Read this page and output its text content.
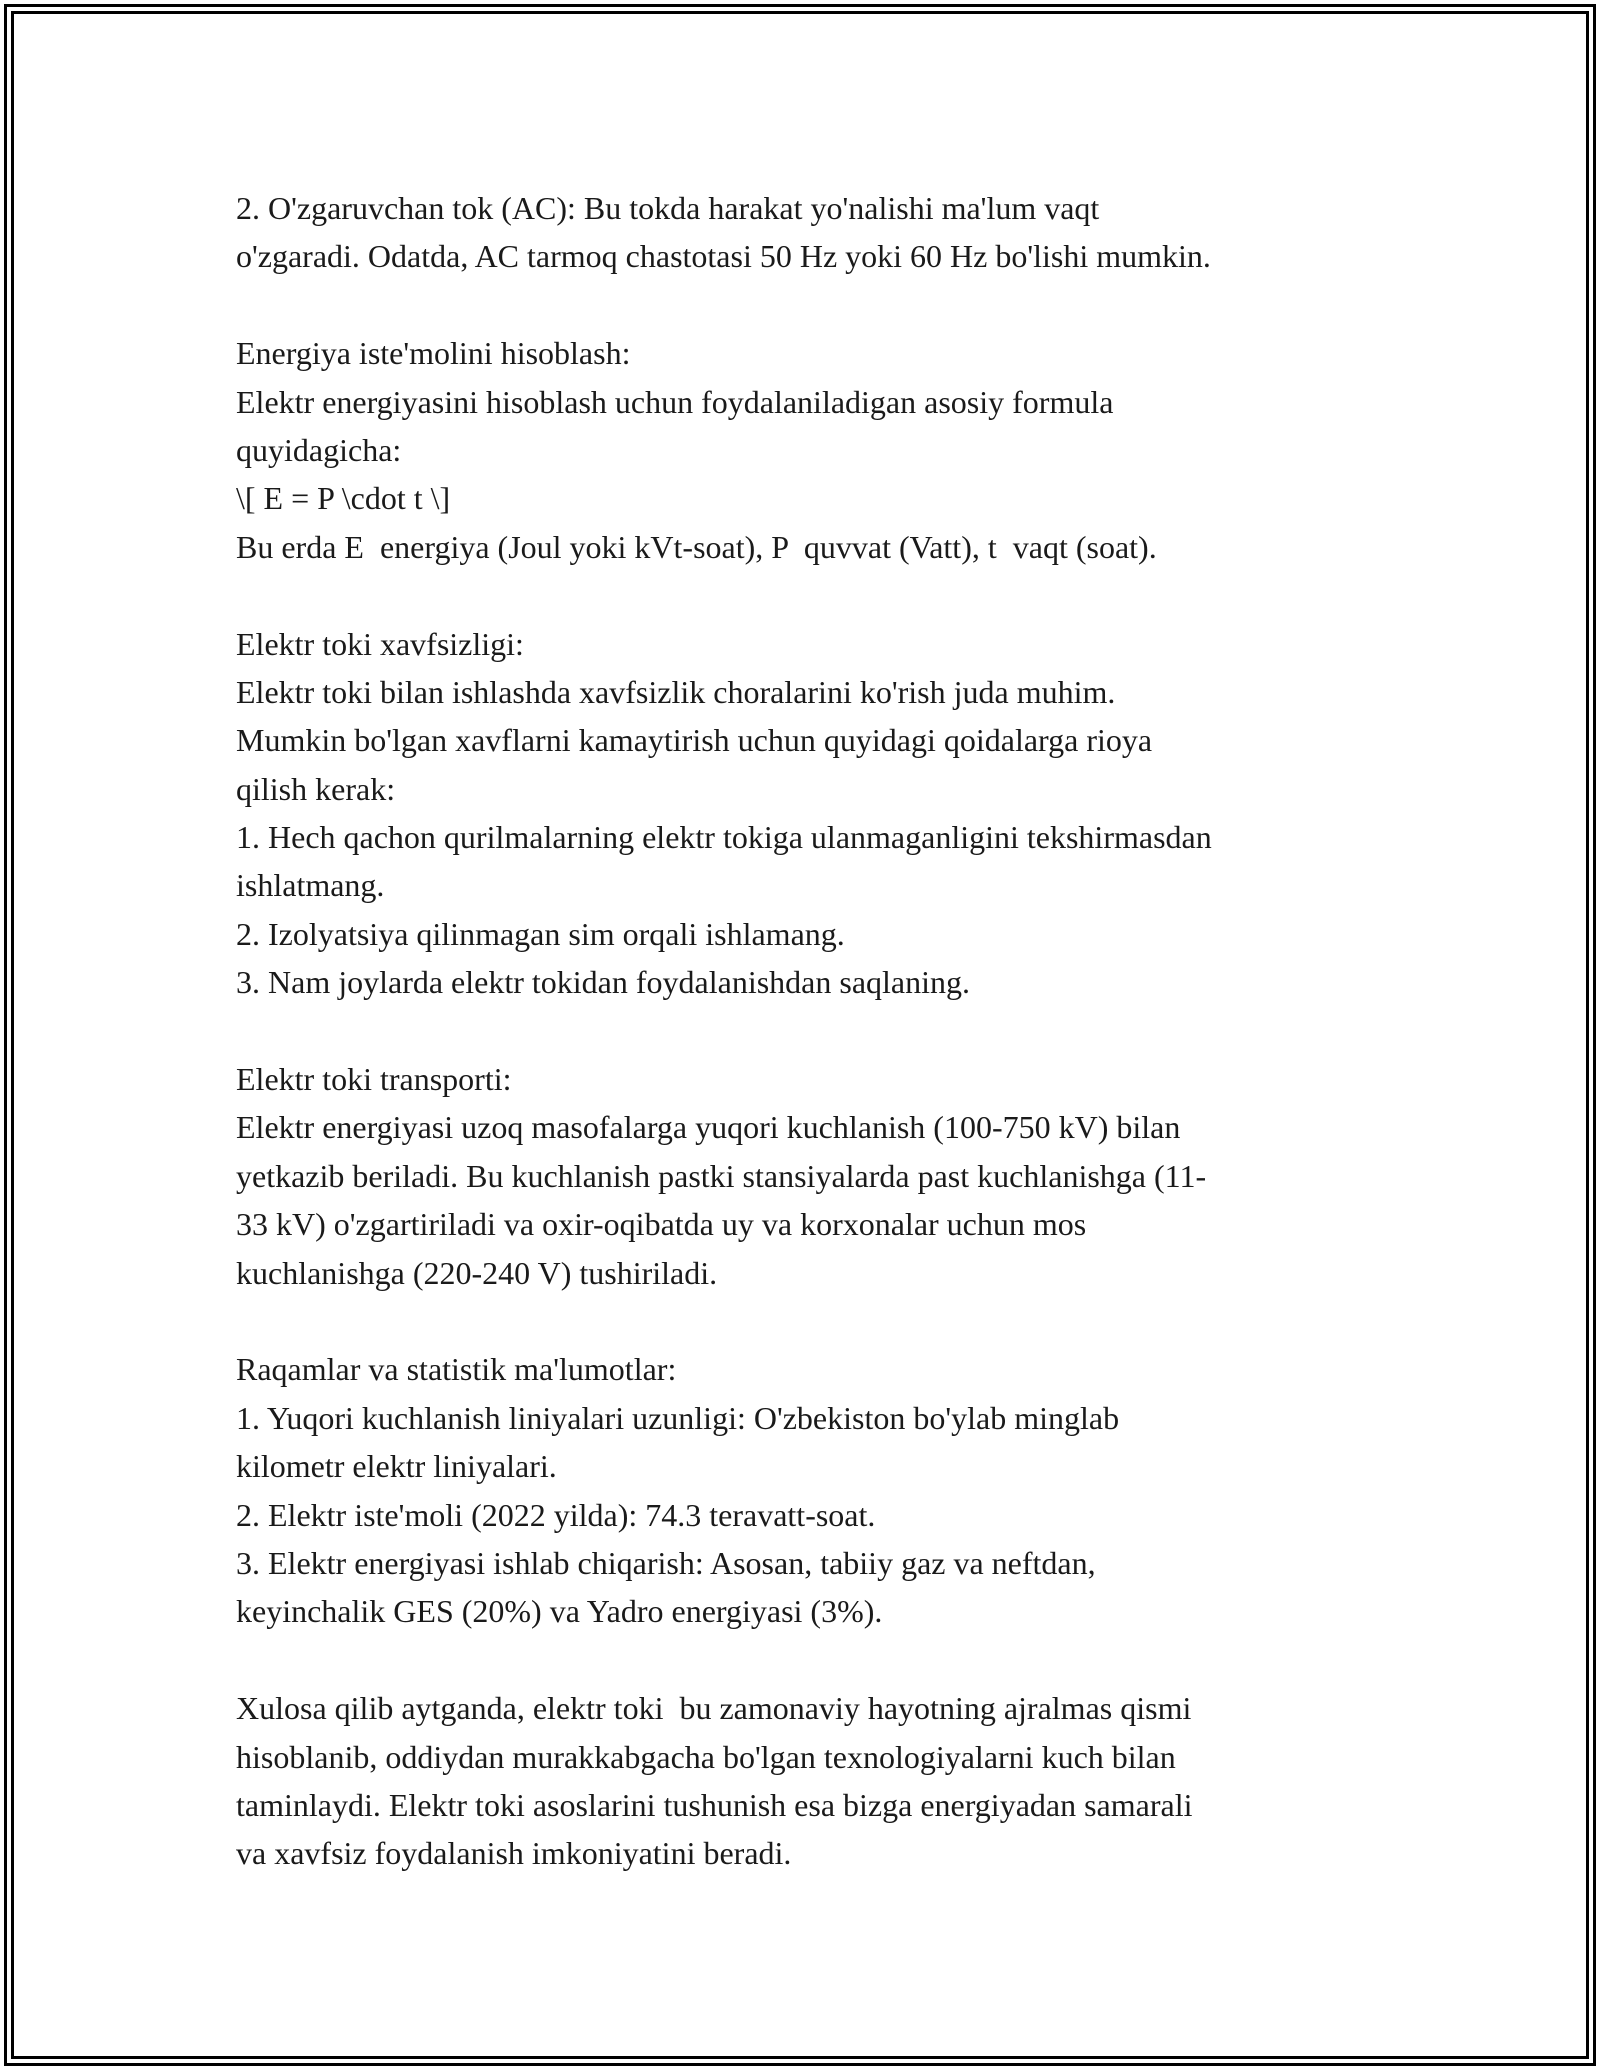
2. O'zgaruvchan tok (AC): Bu tokda harakat yo'nalishi ma'lum vaqt
o'zgaradi. Odatda, AC tarmoq chastotasi 50 Hz yoki 60 Hz bo'lishi mumkin.
Energiya iste'molini hisoblash:
Elektr energiyasini hisoblash uchun foydalaniladigan asosiy formula
quyidagicha:
\[ E = P \cdot t \]
Bu erda E  energiya (Joul yoki kVt-soat), P  quvvat (Vatt), t  vaqt (soat).
Elektr toki xavfsizligi:
Elektr toki bilan ishlashda xavfsizlik choralarini ko'rish juda muhim.
Mumkin bo'lgan xavflarni kamaytirish uchun quyidagi qoidalarga rioya
qilish kerak:
1. Hech qachon qurilmalarning elektr tokiga ulanmaganligini tekshirmasdan
ishlatmang.
2. Izolyatsiya qilinmagan sim orqali ishlamang.
3. Nam joylarda elektr tokidan foydalanishdan saqlaning.
Elektr toki transporti:
Elektr energiyasi uzoq masofalarga yuqori kuchlanish (100-750 kV) bilan
yetkazib beriladi. Bu kuchlanish pastki stansiyalarda past kuchlanishga (11-
33 kV) o'zgartiriladi va oxir-oqibatda uy va korxonalar uchun mos
kuchlanishga (220-240 V) tushiriladi.
Raqamlar va statistik ma'lumotlar:
1. Yuqori kuchlanish liniyalari uzunligi: O'zbekiston bo'ylab minglab
kilometr elektr liniyalari.
2. Elektr iste'moli (2022 yilda): 74.3 teravatt-soat.
3. Elektr energiyasi ishlab chiqarish: Asosan, tabiiy gaz va neftdan,
keyinchalik GES (20%) va Yadro energiyasi (3%).
Xulosa qilib aytganda, elektr toki  bu zamonaviy hayotning ajralmas qismi
hisoblanib, oddiydan murakkabgacha bo'lgan texnologiyalarni kuch bilan
taminlaydi. Elektr toki asoslarini tushunish esa bizga energiyadan samarali
va xavfsiz foydalanish imkoniyatini beradi.
